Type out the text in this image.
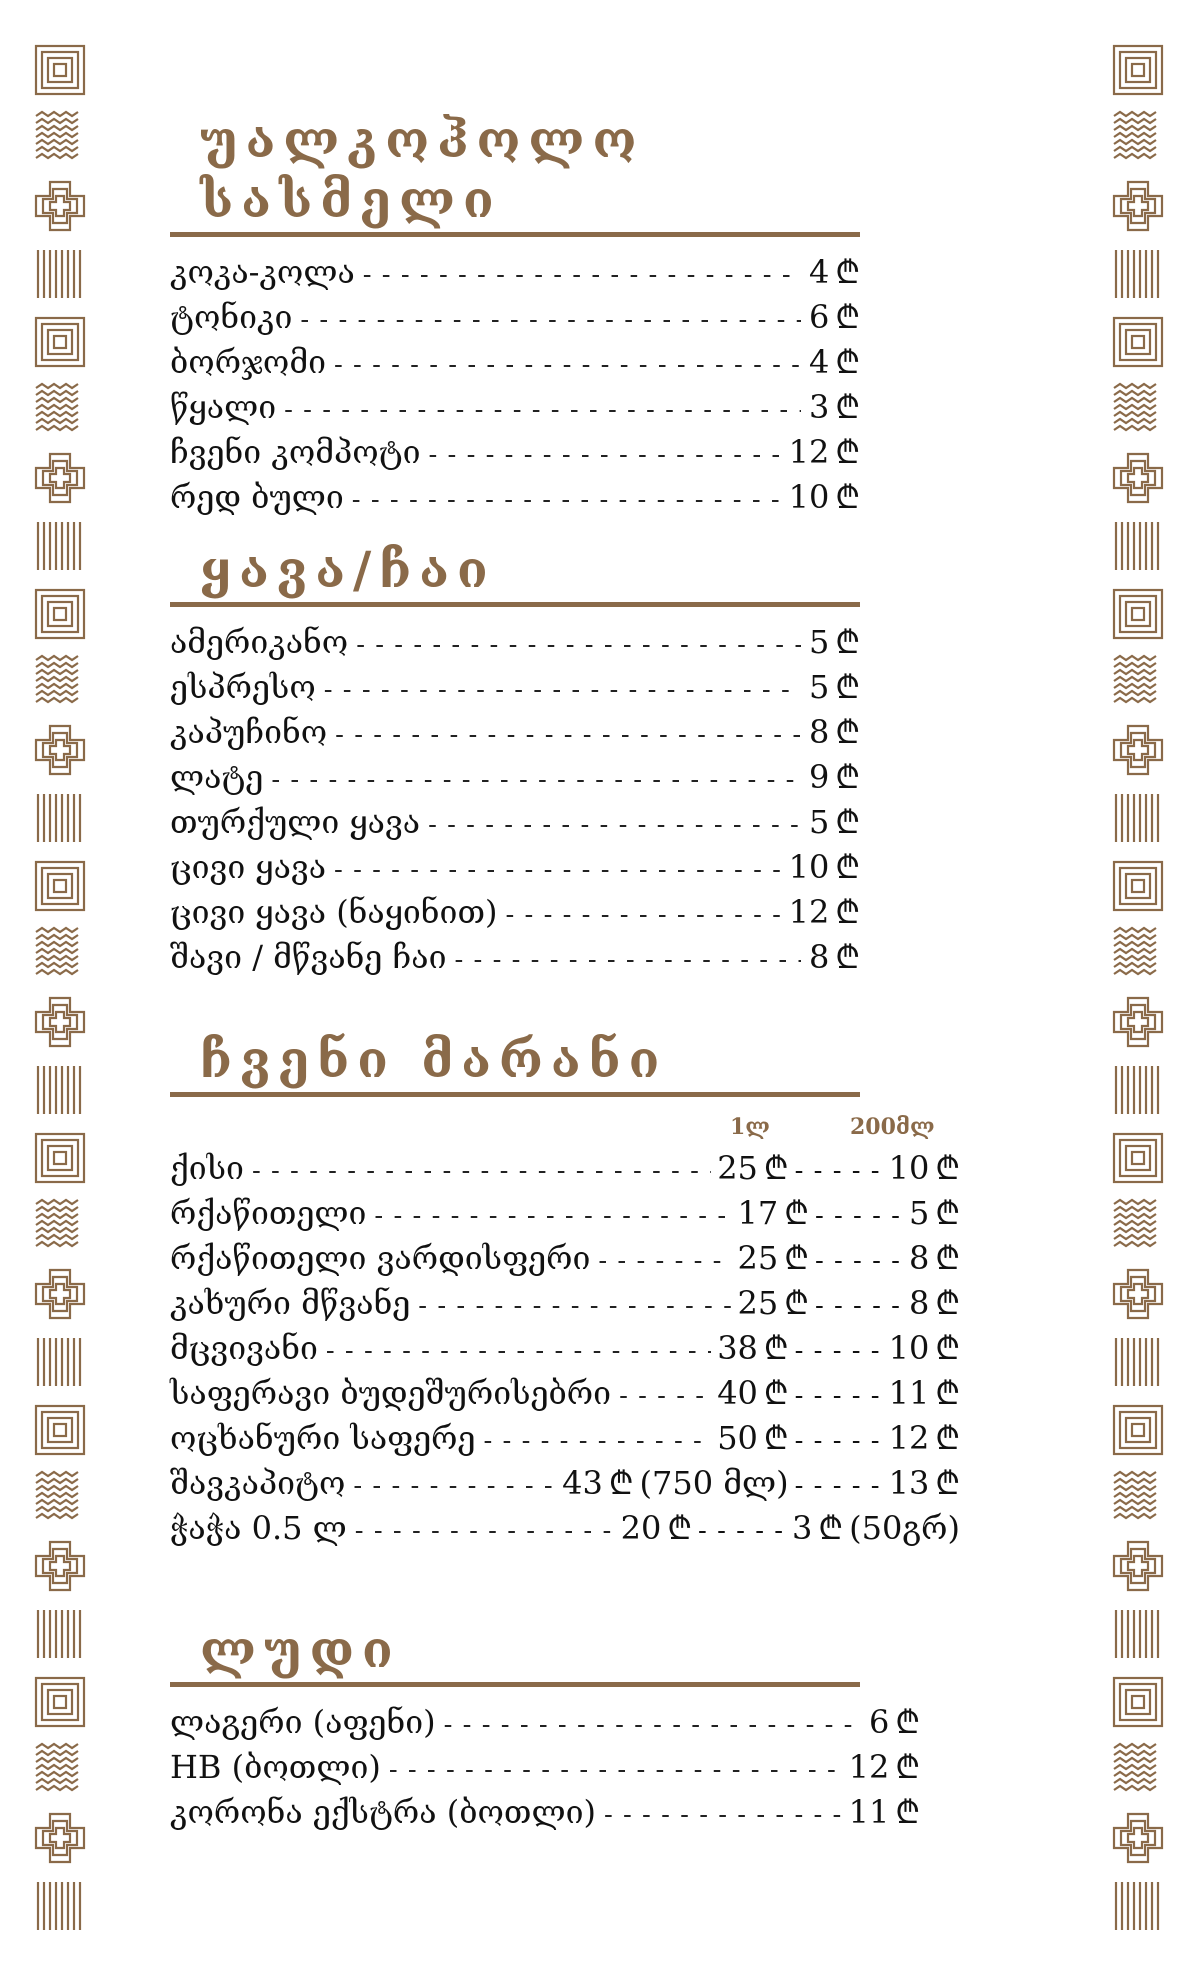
უალკოჰოლო სასმელი
კოკა-კოლა - - -	4 ₾
ტონიკი - - -	6 ₾
ბორჯომი - - -	4 ₾
წყალი - - -	3 ₾
ჩვენი კომპოტი - - -	12 ₾
რედ ბული - - -	10 ₾
ყავა/ჩაი
ამერიკანო - - -	5 ₾
ესპრესო - - -	5 ₾
კაპუჩინო - - -	8 ₾
ლატე - - -	9 ₾
თურქული ყავა - - -	5 ₾
ცივი ყავა - - -	10 ₾
ცივი ყავა (ნაყინით) - - -	12 ₾
შავი / მწვანე ჩაი - - -	8 ₾
ჩვენი მარანი
1ლ	200მლ
ქისი - - -	25 ₾ - - -	10 ₾
რქაწითელი - - -	17 ₾ - - -	5 ₾
რქაწითელი ვარდისფერი - - -	25 ₾ - - -	8 ₾
კახური მწვანე - - -	25 ₾ - - -	8 ₾
მცვივანი - - -	38 ₾ - - -	10 ₾
საფერავი ბუდეშურისებრი - - -	40 ₾ - - -	11 ₾
ოცხანური საფერე - - -	50 ₾ - - -	12 ₾
შავკაპიტო - - -	43 ₾ (750 მლ) - - -	13 ₾
ჭაჭა 0.5 ლ - - -	20 ₾ - - -	3 ₾ (50გრ)
ლუდი
ლაგერი (აფენი) - - -	6 ₾
HB (ბოთლი) - - -	12 ₾
კორონა ექსტრა (ბოთლი) - - -	11 ₾
